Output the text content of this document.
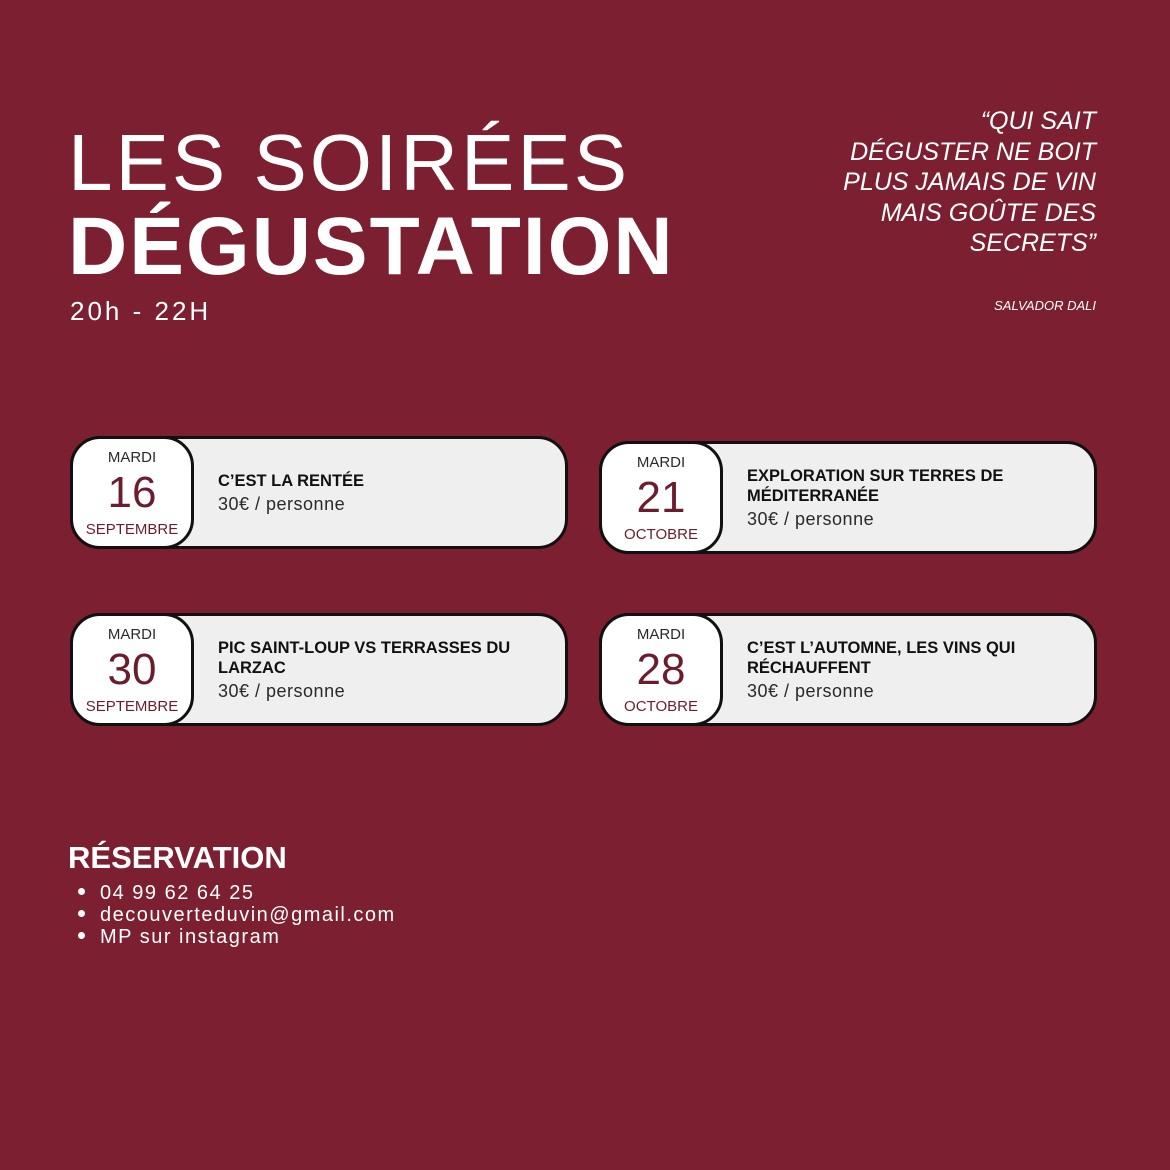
LES SOIRÉES
DÉGUSTATION
20h - 22H
“QUI SAIT DÉGUSTER NE BOIT PLUS JAMAIS DE VIN MAIS GOÛTE DES SECRETS”
SALVADOR DALI
MARDI
16
SEPTEMBRE
C’EST LA RENTÉE
30€ / personne
MARDI
21
OCTOBRE
EXPLORATION SUR TERRES DE MÉDITERRANÉE
30€ / personne
MARDI
30
SEPTEMBRE
PIC SAINT-LOUP VS TERRASSES DU LARZAC
30€ / personne
MARDI
28
OCTOBRE
C’EST L’AUTOMNE, LES VINS QUI RÉCHAUFFENT
30€ / personne
RÉSERVATION
04 99 62 64 25
decouverteduvin@gmail.com
MP sur instagram
